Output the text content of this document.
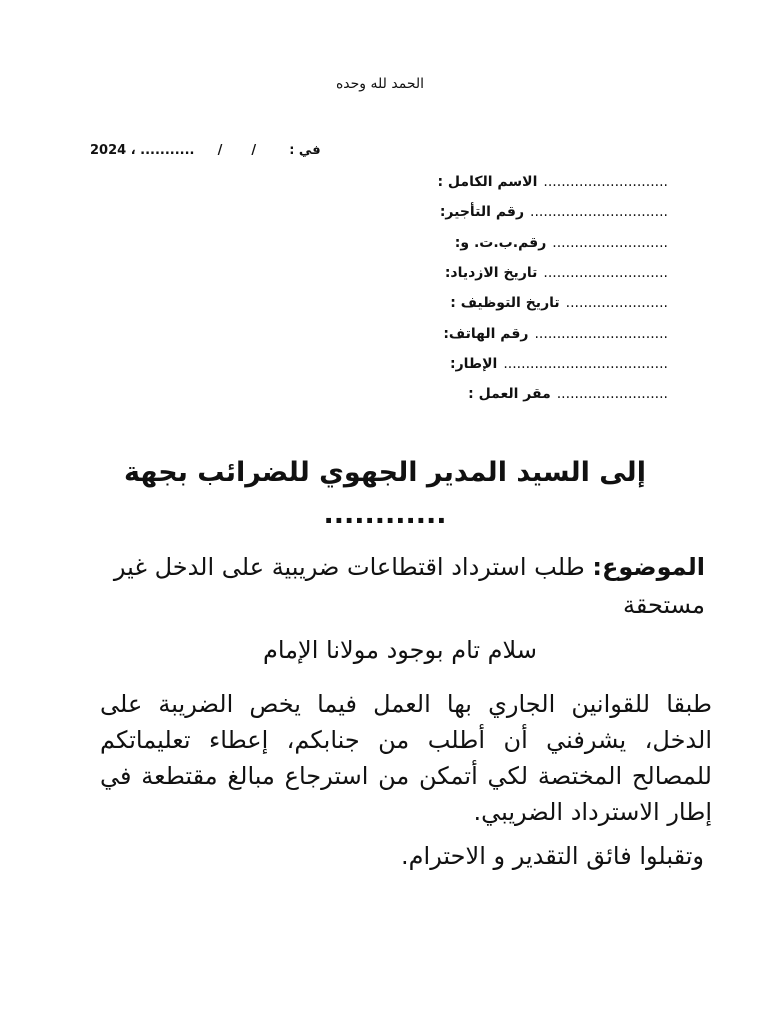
الحمد لله وحده
2024 ، ........... / /	في :
الاسم الكامل : ............................
رقم التأجير: ...............................
رقم.ب.ت. و: ..........................
تاريخ الازدياد: ............................
تاريخ التوظيف : .......................
رقم الهاتف: ..............................
الإطار: .....................................
مقر العمل : .........................
إلى السيد المدير الجهوي للضرائب بجهة ............
الموضوع: طلب استرداد اقتطاعات ضريبية على الدخل غير مستحقة
سلام تام بوجود مولانا الإمام
طبقا للقوانين الجاري بها العمل فيما يخص الضريبة على الدخل، يشرفني أن أطلب من جنابكم، إعطاء تعليماتكم للمصالح المختصة لكي أتمكن من استرجاع مبالغ مقتطعة في إطار الاسترداد الضريبي.
وتقبلوا فائق التقدير و الاحترام.
